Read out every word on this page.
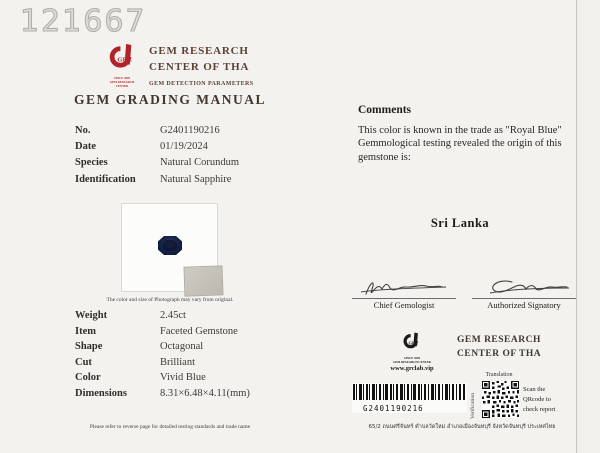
121667
GRC
SINCE 2005
GEM RESEARCH CENTER
GEM RESEARCH
CENTER OF THA
GEM DETECTION PARAMETERS
GEM GRADING MANUAL
No.	G2401190216
Date	01/19/2024
Species	Natural Corundum
Identification	Natural Sapphire
The color and size of Photograph may vary from original.
Weight	2.45ct
Item	Faceted Gemstone
Shape	Octagonal
Cut	Brilliant
Color	Vivid Blue
Dimensions	8.31×6.48×4.11(mm)
Please refer to reverse page for detailed testing standards and trade name
Comments
This color is known in the trade as "Royal Blue" Gemmological testing revealed the origin of this gemstone is:
Sri Lanka
Chief Gemologist	Authorized Signatory
GRC
SINCE 2005
GEM RESEARCH CENTER
www.grclab.vip
GEM RESEARCH
CENTER OF THA
G2401190216
Translation
Verification
Scan the QRcode to check report
65/2 ถนนศรีจันทร์ ตำบลวัดใหม่ อำเภอเมืองจันทบุรี จังหวัดจันทบุรี ประเทศไทย
